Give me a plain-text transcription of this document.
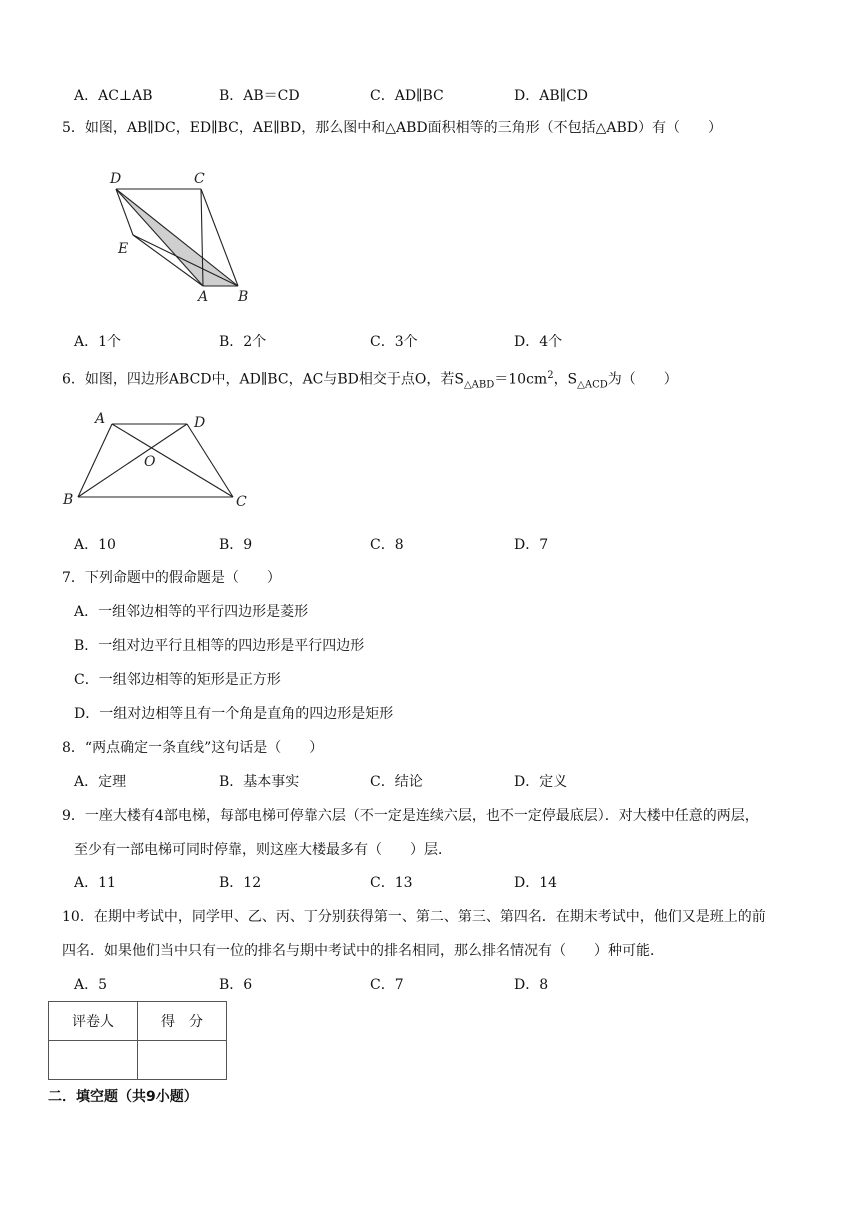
A．AC⊥AB	B．AB＝CD	C．AD∥BC	D．AB∥CD
5．如图，AB∥DC，ED∥BC，AE∥BD，那么图中和△ABD面积相等的三角形（不包括△ABD）有（　　）
D	C
E
A B
A．1个	B．2个	C．3个	D．4个
6．如图，四边形ABCD中，AD∥BC，AC与BD相交于点O，若$S_{\triangle ABD}=10cm^2$，$S_{\triangle ACD}$为（　　）
A	D
O
B	C
A．10	B．9	C．8	D．7
7．下列命题中的假命题是（　　）
A．一组邻边相等的平行四边形是菱形
B．一组对边平行且相等的四边形是平行四边形
C．一组邻边相等的矩形是正方形
D．一组对边相等且有一个角是直角的四边形是矩形
8．“两点确定一条直线”这句话是（　　）
A．定理	B．基本事实	C．结论	D．定义
9．一座大楼有4部电梯，每部电梯可停靠六层（不一定是连续六层，也不一定停最底层）．对大楼中任意的两层，
至少有一部电梯可同时停靠，则这座大楼最多有（　　）层．
A．11	B．12	C．13	D．14
10．在期中考试中，同学甲、乙、丙、丁分别获得第一、第二、第三、第四名．在期末考试中，他们又是班上的前
四名．如果他们当中只有一位的排名与期中考试中的排名相同，那么排名情况有（　　）种可能．
A．5	B．6	C．7	D．8
评卷人	得　分

二．填空题（共9小题）
